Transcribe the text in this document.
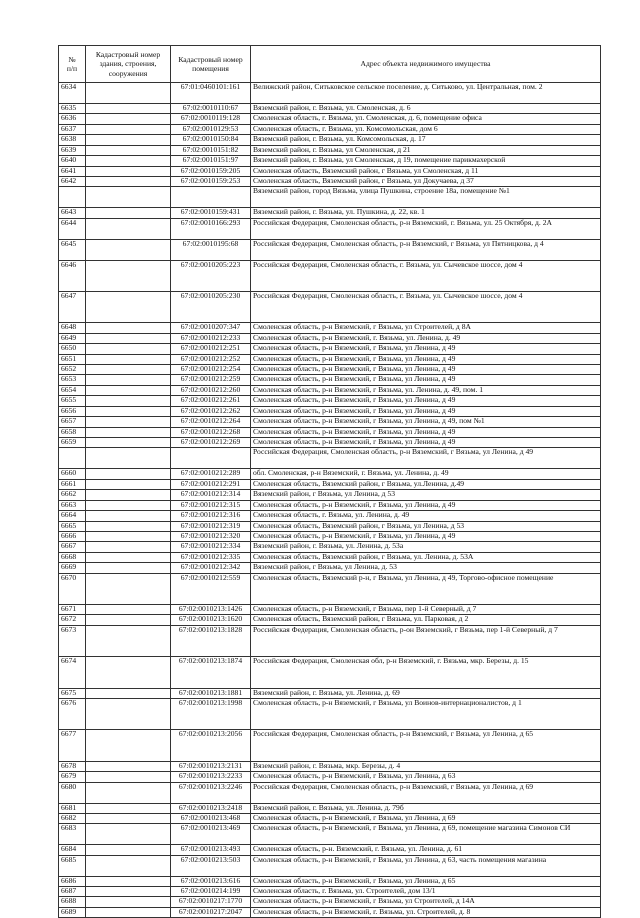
№
п/п	Кадастровый номер здания, строения, сооружения	Кадастровый номер помещения	Адрес объекта недвижимого имущества
6634		67:01:0460101:161	Велижский район, Ситьковское сельское поселение, д. Ситьково, ул. Центральная, пом. 2
6635		67:02:0010110:67	Вяземский район, г. Вязьма, ул. Смоленская, д. 6
6636		67:02:0010119:128	Смоленская область, г. Вязьма, ул. Смоленская, д. 6, помещение офиса
6637		67:02:0010129:53	Смоленская область, г. Вязьма, ул. Комсомольская, дом 6
6638		67:02:0010150:84	Вяземский район, г. Вязьма, ул. Комсомольская, д. 17
6639		67:02:0010151:82	Вяземский район, г. Вязьма, ул Смоленская, д 21
6640		67:02:0010151:97	Вяземский район, г. Вязьма, ул Смоленская, д 19, помещение парикмахерской
6641		67:02:0010159:205	Смоленская область, Вяземский район, г Вязьма, ул Смоленская, д 11
6642		67:02:0010159:253	Смоленская область, Вяземский район, г Вязьма, ул Докучаева, д 37
			Вяземский район, город Вязьма, улица Пушкина, строение 18а, помещение №1
6643		67:02:0010159:431	Вяземский район, г. Вязьма, ул. Пушкина, д. 22, кв. 1
6644		67:02:0010166:293	Российская Федерация, Смоленская область, р-н Вяземский, г. Вязьма, ул. 25 Октября, д. 2А
6645		67:02:0010195:68	Российская Федерация, Смоленская область, р-н Вяземский, г Вязьма, ул Пятницкова, д 4
6646		67:02:0010205:223	Российская Федерация, Смоленская область, г. Вязьма, ул. Сычевское шоссе, дом 4
6647		67:02:0010205:230	Российская Федерация, Смоленская область, г. Вязьма, ул. Сычевское шоссе, дом 4
6648		67:02:0010207:347	Смоленская область, р-н Вяземский, г Вязьма, ул Строителей, д 8А
6649		67:02:0010212:233	Смоленская область, р-н Вяземский, г. Вязьма, ул. Ленина, д. 49
6650		67:02:0010212:251	Смоленская область, р-н Вяземский, г Вязьма, ул Ленина, д 49
6651		67:02:0010212:252	Смоленская область, р-н Вяземский, г Вязьма, ул Ленина, д 49
6652		67:02:0010212:254	Смоленская область, р-н Вяземский, г Вязьма, ул Ленина, д 49
6653		67:02:0010212:259	Смоленская область, р-н Вяземский, г Вязьма, ул Ленина, д 49
6654		67:02:0010212:260	Смоленская область, р-н Вяземский, г Вязьма, ул. Ленина, д. 49, пом. 1
6655		67:02:0010212:261	Смоленская область, р-н Вяземский, г Вязьма, ул Ленина, д 49
6656		67:02:0010212:262	Смоленская область, р-н Вяземский, г Вязьма, ул Ленина, д 49
6657		67:02:0010212:264	Смоленская область, р-н Вяземский, г Вязьма, ул Ленина, д 49, пом №1
6658		67:02:0010212:268	Смоленская область, р-н Вяземский, г Вязьма, ул Ленина, д 49
6659		67:02:0010212:269	Смоленская область, р-н Вяземский, г Вязьма, ул Ленина, д 49
			Российская Федерация, Смоленская область, р-н Вяземский, г Вязьма, ул Ленина, д 49
6660		67:02:0010212:289	обл. Смоленская, р-н Вяземский, г. Вязьма, ул. Ленина, д. 49
6661		67:02:0010212:291	Смоленская область, Вяземский район, г Вязьма, ул.Ленина, д.49
6662		67:02:0010212:314	Вяземский район, г Вязьма, ул Ленина, д 53
6663		67:02:0010212:315	Смоленская область, р-н Вяземский, г Вязьма, ул Ленина, д 49
6664		67:02:0010212:316	Смоленская область, г. Вязьма, ул. Ленина, д. 49
6665		67:02:0010212:319	Смоленская область, Вяземский район, г Вязьма, ул Ленина, д 53
6666		67:02:0010212:320	Смоленская область, р-н Вяземский, г Вязьма, ул Ленина, д 49
6667		67:02:0010212:334	Вяземский район, г. Вязьма, ул. Ленина, д. 53а
6668		67:02:0010212:335	Смоленская область, Вяземский район, г Вязьма, ул. Ленина, д. 53А
6669		67:02:0010212:342	Вяземский район, г Вязьма, ул Ленина, д. 53
6670		67:02:0010212:559	Смоленская область, Вяземский р-н, г Вязьма, ул Ленина, д 49, Торгово-офисное помещение
6671		67:02:0010213:1426	Смоленская область, р-н Вяземский, г Вязьма, пер 1-й Северный, д 7
6672		67:02:0010213:1620	Смоленская область, Вяземский район, г Вязьма, ул. Парковая, д 2
6673		67:02:0010213:1828	Российская Федерация, Смоленская область, р-он Вяземский, г Вязьма, пер 1-й Северный, д 7
6674		67:02:0010213:1874	Российская Федерация, Смоленская обл, р-н Вяземский, г. Вязьма, мкр. Березы, д. 15
6675		67:02:0010213:1881	Вяземский район, г. Вязьма, ул. Ленина, д. 69
6676		67:02:0010213:1998	Смоленская область, р-н Вяземский, г Вязьма, ул Воинов-интернационалистов, д 1
6677		67:02:0010213:2056	Российская Федерация, Смоленская область, р-н Вяземский, г Вязьма, ул Ленина, д 65
6678		67:02:0010213:2131	Вяземский район, г. Вязьма, мкр. Березы, д. 4
6679		67:02:0010213:2233	Смоленская область, р-н Вяземский, г Вязьма, ул Ленина, д 63
6680		67:02:0010213:2246	Российская Федерация, Смоленская область, р-н Вяземский, г Вязьма, ул Ленина, д 69
6681		67:02:0010213:2418	Вяземский район, г. Вязьма, ул. Ленина, д. 79б
6682		67:02:0010213:468	Смоленская область, р-н Вяземский, г Вязьма, ул Ленина, д 69
6683		67:02:0010213:469	Смоленская область, р-н Вяземский, г Вязьма, ул Ленина, д 69, помещение магазина Симонов СИ
6684		67:02:0010213:493	Смоленская область, р-н. Вяземский, г. Вязьма, ул. Ленина, д. 61
6685		67:02:0010213:503	Смоленская область, р-н Вяземский, г Вязьма, ул Ленина, д 63, часть помещения магазина
6686		67:02:0010213:616	Смоленская область, р-н Вяземский, г Вязьма, ул Ленина, д 65
6687		67:02:0010214:199	Смоленская область, г. Вязьма, ул. Строителей, дом 13/1
6688		67:02:0010217:1770	Смоленская область, р-н Вяземский, г Вязьма, ул Строителей, д 14А
6689		67:02:0010217:2047	Смоленская область, р-н Вяземский, г. Вязьма, ул. Строителей, д. 8
